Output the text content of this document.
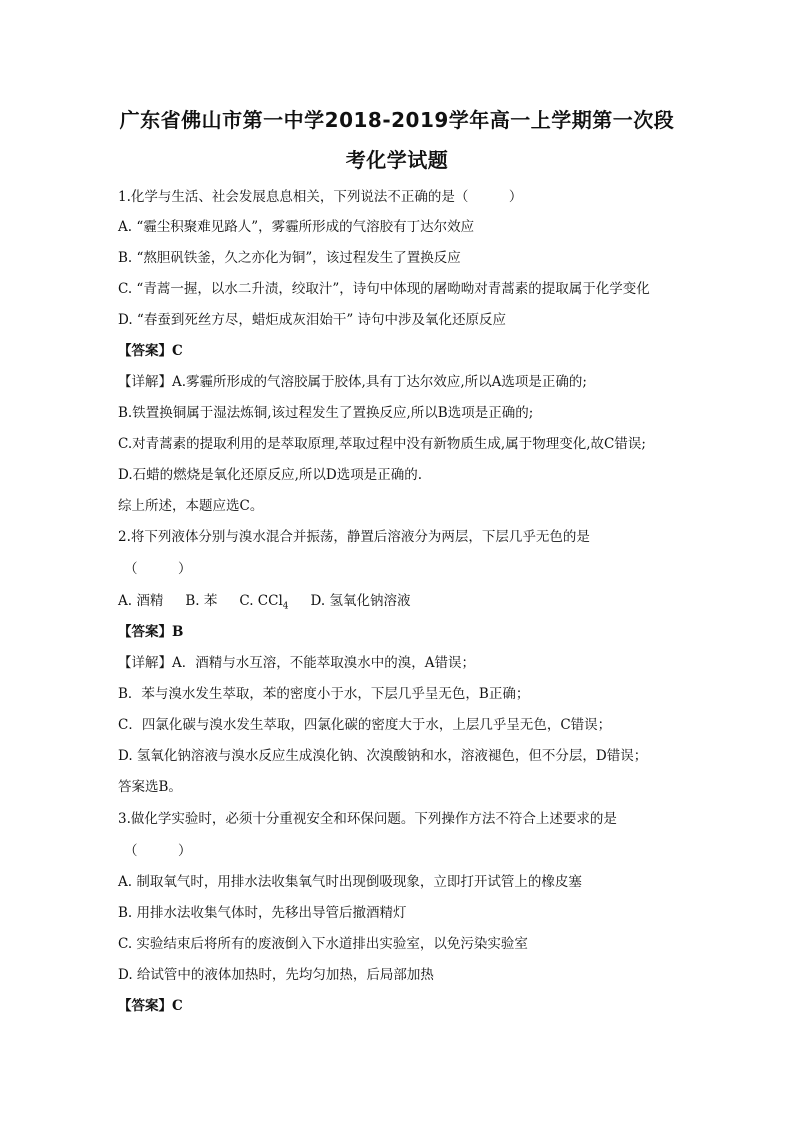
广东省佛山市第一中学2018-2019学年高一上学期第一次段
考化学试题
1.化学与生活、社会发展息息相关，下列说法不正确的是（　　　）
A. “霾尘积聚难见路人”，雾霾所形成的气溶胶有丁达尔效应
B. “熬胆矾铁釜，久之亦化为铜”，该过程发生了置换反应
C. “青蒿一握，以水二升渍，绞取汁”，诗句中体现的屠呦呦对青蒿素的提取属于化学变化
D. “春蚕到死丝方尽，蜡炬成灰泪始干” 诗句中涉及氧化还原反应
【答案】C
【详解】A.雾霾所形成的气溶胶属于胶体,具有丁达尔效应,所以A选项是正确的;
B.铁置换铜属于湿法炼铜,该过程发生了置换反应,所以B选项是正确的;
C.对青蒿素的提取利用的是萃取原理,萃取过程中没有新物质生成,属于物理变化,故C错误;
D.石蜡的燃烧是氧化还原反应,所以D选项是正确的.
综上所述，本题应选C。
2.将下列液体分别与溴水混合并振荡，静置后溶液分为两层，下层几乎无色的是
（　　　）
A. 酒精 B. 苯 C. CCl$_4$ D. 氢氧化钠溶液
【答案】B
【详解】A．酒精与水互溶，不能萃取溴水中的溴，A错误；
B．苯与溴水发生萃取，苯的密度小于水，下层几乎呈无色，B正确；
C．四氯化碳与溴水发生萃取，四氯化碳的密度大于水，上层几乎呈无色，C错误；
D. 氢氧化钠溶液与溴水反应生成溴化钠、次溴酸钠和水，溶液褪色，但不分层，D错误；
答案选B。
3.做化学实验时，必须十分重视安全和环保问题。下列操作方法不符合上述要求的是
（　　　）
A. 制取氧气时，用排水法收集氧气时出现倒吸现象，立即打开试管上的橡皮塞
B. 用排水法收集气体时，先移出导管后撤酒精灯
C. 实验结束后将所有的废液倒入下水道排出实验室，以免污染实验室
D. 给试管中的液体加热时，先均匀加热，后局部加热
【答案】C
